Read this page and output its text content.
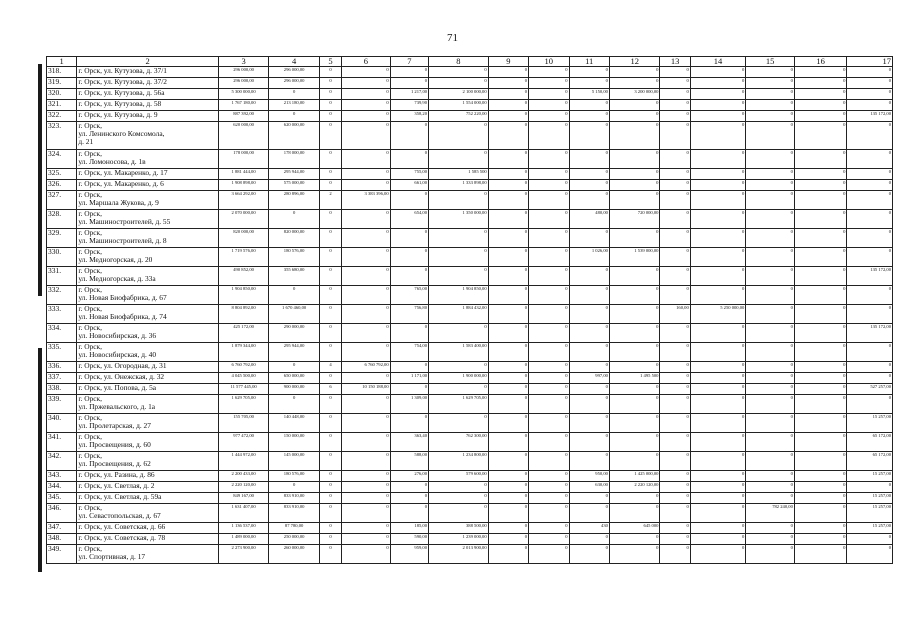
71
1	2	3	4	5	6	7	8	9	10	11	12	13	14	15	16	17
318.	г. Орск, ул. Кутузова, д. 37/1	296 000,00	296 000,00	0	0	0	0	0	0	0	0	0	0	0	0	0
319.	г. Орск, ул. Кутузова, д. 37/2	296 000,00	296 000,00	0	0	0	0	0	0	0	0	0	0	0	0	0
320.	г. Орск, ул. Кутузова, д. 56а	5 300 000,00	0	0	0	1 217,00	2 100 000,00	0	0	5 150,00	3 200 000,00	0	0	0	0	0
321.	г. Орск, ул. Кутузова, д. 58	1 767 180,00	213 180,00	0	0	739,90	1 554 000,00	0	0	0	0	0	0	0	0	0
322.	г. Орск, ул. Кутузова, д. 9	887 392,00	0	0	0	358,20	752 220,00	0	0	0	0	0	0	0	0	135 172,00
323.	г. Орск,
ул. Ленинского Комсомола,
д. 21	620 000,00	620 000,00	0	0	0	0	0	0	0	0	0	0	0	0	0
324.	г. Орск,
ул. Ломоносова, д. 1в	178 000,00	178 000,00	0	0	0	0	0	0	0	0	0	0	0	0	0
325.	г. Орск, ул. Макаренко, д. 17	1 881 444,00	295 944,00	0	0	755,00	1 585 500	0	0	0	0	0	0	0	0	0
326.	г. Орск, ул. Макаренко, д. 6	1 908 898,00	575 000,00	0	0	661,00	1 333 898,00	0	0	0	0	0	0	0	0	0
327.	г. Орск,
ул. Маршала Жукова, д. 9	3 664 292,00	280 896,00	2	3 383 396,00	0	0	0	0	0	0	0	0	0	0	0
328.	г. Орск,
ул. Машиностроителей, д. 55	2 070 000,00	0	0	0	654,00	1 350 000,00	0	0	480,00	720 000,00	0	0	0	0	0
329.	г. Орск,
ул. Машиностроителей, д. 8	820 000,00	820 000,00	0	0	0	0	0	0	0	0	0	0	0	0	0
330.	г. Орск,
ул. Медногорская, д. 20	1 719 576,00	180 576,00	0	0	0	0	0	0	1 026,00	1 539 000,00	0	0	0	0	0
331.	г. Орск,
ул. Медногорская, д. 33а	490 852,00	355 680,00	0	0	0	0	0	0	0	0	0	0	0	0	135 172,00
332.	г. Орск,
ул. Новая Биофабрика, д. 67	1 904 850,00	0	0	0	765,00	1 904 850,00	0	0	0	0	0	0	0	0	0
333.	г. Орск,
ул. Новая Биофабрика, д. 74	8 804 892,00	1 670 460,00	0	0	756,80	1 884 432,00	0	0	0	0	160,00	5 250 000,00	0	0	0
334.	г. Орск,
ул. Новосибирская, д. 36	425 172,00	290 000,00	0	0	0	0	0	0	0	0	0	0	0	0	135 172,00
335.	г. Орск,
ул. Новосибирская, д. 40	1 879 344,00	295 944,00	0	0	754,00	1 583 400,00	0	0	0	0	0	0	0	0	0
336.	г. Орск, ул. Огородная, д. 31	6 760 792,00	0	4	6 760 792,00	0	0	0	0	0	0	0	0	0	0	0
337.	г. Орск, ул. Онежская, д. 32	4 045 500,00	650 000,00	0	0	1 171,00	1 900 000,00	0	0	997,00	1 495 500	0	0	0	0	0
338.	г. Орск, ул. Попова, д. 5а	11 577 445,00	900 000,00	6	10 150 188,00	0	0	0	0	0	0	0	0	0	0	527 257,00
339.	г. Орск,
ул. Пржевальского, д. 1а	1 629 705,00	0	0	0	1 309,00	1 629 705,00	0	0	0	0	0	0	0	0	0
340.	г. Орск,
ул. Пролетарская, д. 27	155 705,00	140 448,00	0	0	0	0	0	0	0	0	0	0	0	0	15 257,00
341.	г. Орск,
ул. Просвещения, д. 60	977 472,00	150 000,00	0	0	363,40	762 300,00	0	0	0	0	0	0	0	0	65 172,00
342.	г. Орск,
ул. Просвещения, д. 62	1 444 972,00	145 000,00	0	0	588,00	1 234 800,00	0	0	0	0	0	0	0	0	65 172,00
343.	г. Орск, ул. Разина, д. 86	2 200 433,00	180 576,00	0	0	276,00	579 600,00	0	0	950,00	1 425 000,00	0	0	0	0	15 257,00
344.	г. Орск, ул. Светлая, д. 2	2 220 120,00	0	0	0	0	0	0	0	630,00	2 220 120,00	0	0	0	0	0
345.	г. Орск, ул. Светлая, д. 59а	849 167,00	833 910,00	0	0	0	0	0	0	0	0	0	0	0	0	15 257,00
346.	г. Орск,
ул. Севастопольская, д. 67	1 631 407,00	833 910,00	0	0	0	0	0	0	0	0	0	0	782 240,00	0	15 257,00
347.	г. Орск, ул. Советская, д. 66	1 136 537,00	87 780,00	0	0	185,00	388 500,00	0	0	430	645 000	0	0	0	0	15 257,00
348.	г. Орск, ул. Советская, д. 78	1 489 000,00	250 000,00	0	0	590,00	1 239 000,00	0	0	0	0	0	0	0	0	0
349.	г. Орск,
ул. Спортивная, д. 17	2 273 900,00	260 000,00	0	0	959,00	2 013 900,00	0	0	0	0	0	0	0	0	0
